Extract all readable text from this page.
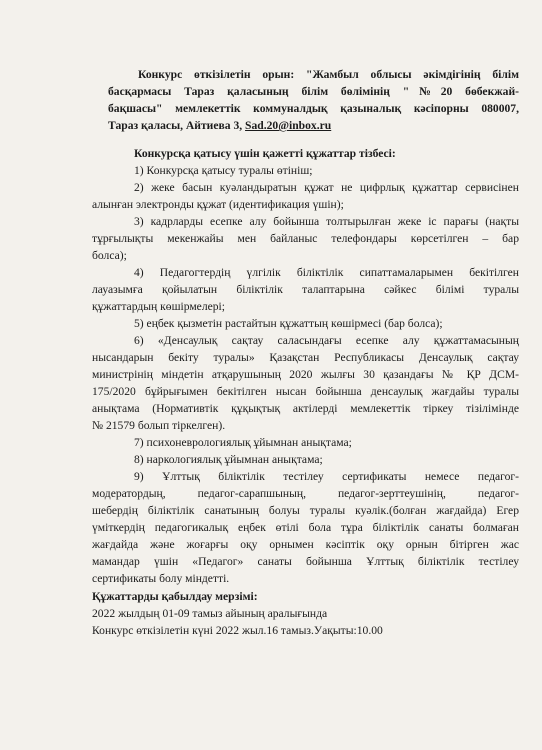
Конкурс өткізілетін орын: "Жамбыл облысы әкімдігінің білім

басқармасы Тараз қаласының білім бөлімінің "№20 бөбекжай-

бақшасы" мемлекеттік коммуналдық қазыналық кәсіпорны 080007,

Тараз қаласы, Айтиева 3, Sad.20@inbox.ru

Конкурсқа қатысу үшін қажетті құжаттар тізбесі:

1) Конкурсқа қатысу туралы өтініш;

2) жеке басын куәландыратын құжат не цифрлық құжаттар сервисінен

алынған электронды құжат (идентификация үшін);

3) кадрларды есепке алу бойынша толтырылған жеке іс парағы (нақты

тұрғылықты мекенжайы мен байланыс телефондары көрсетілген – бар

болса);

4) Педагогтердің үлгілік біліктілік сипаттамаларымен бекітілген

лауазымға қойылатын біліктілік талаптарына сәйкес білімі туралы

құжаттардың көшірмелері;

5) еңбек қызметін растайтын құжаттың көшірмесі (бар болса);

6) «Денсаулық сақтау саласындағы есепке алу құжаттамасының

нысандарын бекіту туралы» Қазақстан Республикасы Денсаулық сақтау

министрінің міндетін атқарушының 2020 жылғы 30 қазандағы № ҚР ДСМ-

175/2020 бұйрығымен бекітілген нысан бойынша денсаулық жағдайы туралы

анықтама (Нормативтік құқықтық актілерді мемлекеттік тіркеу тізілімінде

№ 21579 болып тіркелген).

7) психоневрологиялық ұйымнан анықтама;

8) наркологиялық ұйымнан анықтама;

9) Ұлттық біліктілік тестілеу сертификаты немесе педагог-

модератордың, педагог-сарапшының, педагог-зерттеушінің, педагог-

шебердің біліктілік санатының болуы туралы куәлік.(болған жағдайда) Егер

үміткердің педагогикалық еңбек өтілі бола тұра біліктілік санаты болмаған

жағдайда және жоғарғы оқу орнымен кәсіптік оқу орнын бітірген жас

мамандар үшін «Педагог» санаты бойынша Ұлттық біліктілік тестілеу

сертификаты болу міндетті.

Құжаттарды қабылдау мерзімі:

2022 жылдың 01-09 тамыз айының аралығында

Конкурс өткізілетін күні 2022 жыл.16 тамыз.Уақыты:10.00
